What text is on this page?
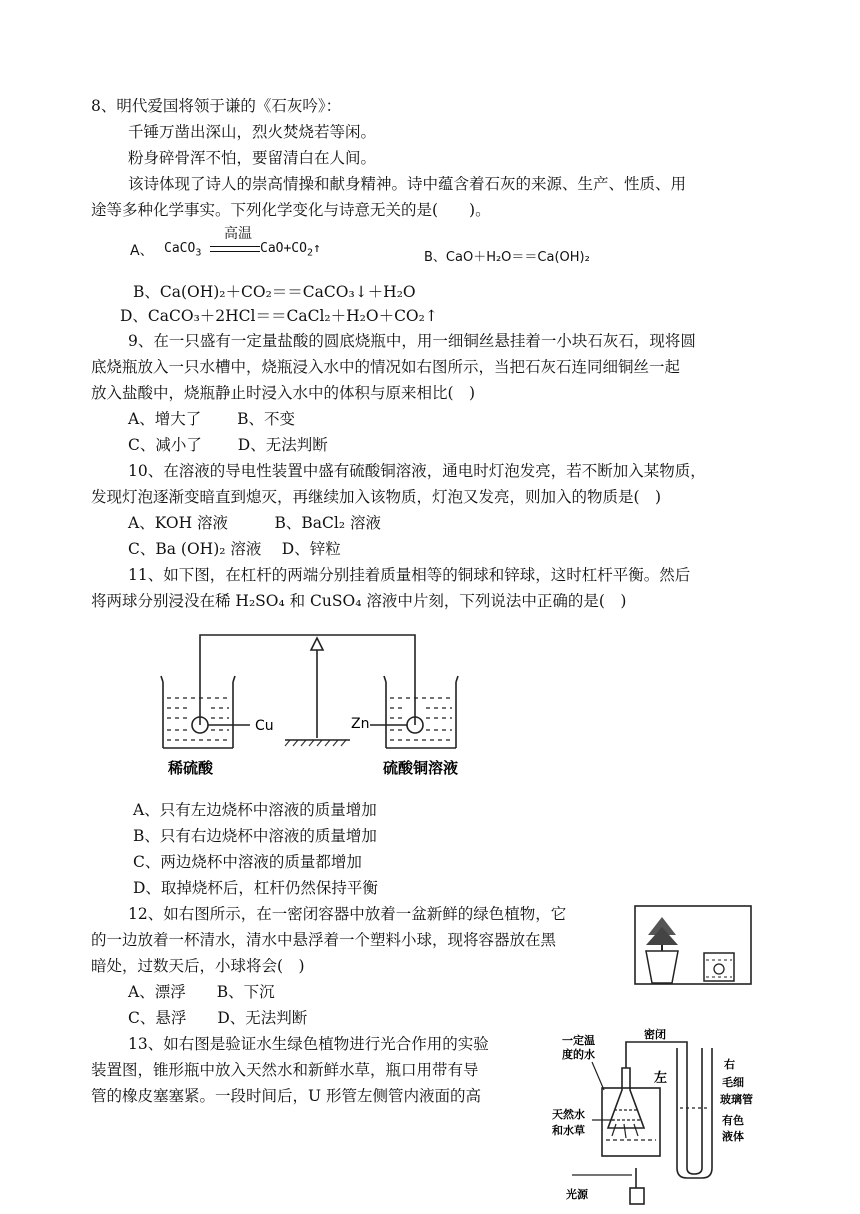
8、明代爱国将领于谦的《石灰吟》：
千锤万凿出深山，烈火焚烧若等闲。
粉身碎骨浑不怕，要留清白在人间。
该诗体现了诗人的崇高情操和献身精神。诗中蕴含着石灰的来源、生产、性质、用
途等多种化学事实。下列化学变化与诗意无关的是(　　)。
A、 CaCO$_3$
高温
$CaO+CO_2↑$
B、CaO＋H₂O＝＝Ca(OH)₂
B、Ca(OH)₂＋CO₂＝＝CaCO₃↓＋H₂O
D、CaCO₃＋2HCl＝＝CaCl₂＋H₂O＋CO₂↑
9、在一只盛有一定量盐酸的圆底烧瓶中，用一细铜丝悬挂着一小块石灰石，现将圆
底烧瓶放入一只水槽中，烧瓶浸入水中的情况如右图所示，当把石灰石连同细铜丝一起
放入盐酸中，烧瓶静止时浸入水中的体积与原来相比(　)
A、增大了　　 B、不变
C、减小了　　 D、无法判断
10、在溶液的导电性装置中盛有硫酸铜溶液，通电时灯泡发亮，若不断加入某物质，
发现灯泡逐渐变暗直到熄灭，再继续加入该物质，灯泡又发亮，则加入的物质是(　)
A、KOH 溶液　　　B、BaCl₂ 溶液
C、Ba (OH)₂ 溶液　 D、锌粒
11、如下图，在杠杆的两端分别挂着质量相等的铜球和锌球，这时杠杆平衡。然后
将两球分别浸没在稀 H₂SO₄ 和 CuSO₄ 溶液中片刻，下列说法中正确的是(　)
Cu	Zn
稀硫酸	硫酸铜溶液
A、只有左边烧杯中溶液的质量增加
B、只有右边烧杯中溶液的质量增加
C、两边烧杯中溶液的质量都增加
D、取掉烧杯后，杠杆仍然保持平衡
12、如右图所示，在一密闭容器中放着一盆新鲜的绿色植物，它
的一边放着一杯清水，清水中悬浮着一个塑料小球，现将容器放在黑
暗处，过数天后，小球将会(　)
A、漂浮　　B、下沉
C、悬浮　　D、无法判断
13、如右图是验证水生绿色植物进行光合作用的实验
装置图，锥形瓶中放入天然水和新鲜水草，瓶口用带有导
管的橡皮塞塞紧。一段时间后，U 形管左侧管内液面的高
一定温
度的水
密闭
左
右
毛细
玻璃管
有色
液体
天然水
和水草
光源
